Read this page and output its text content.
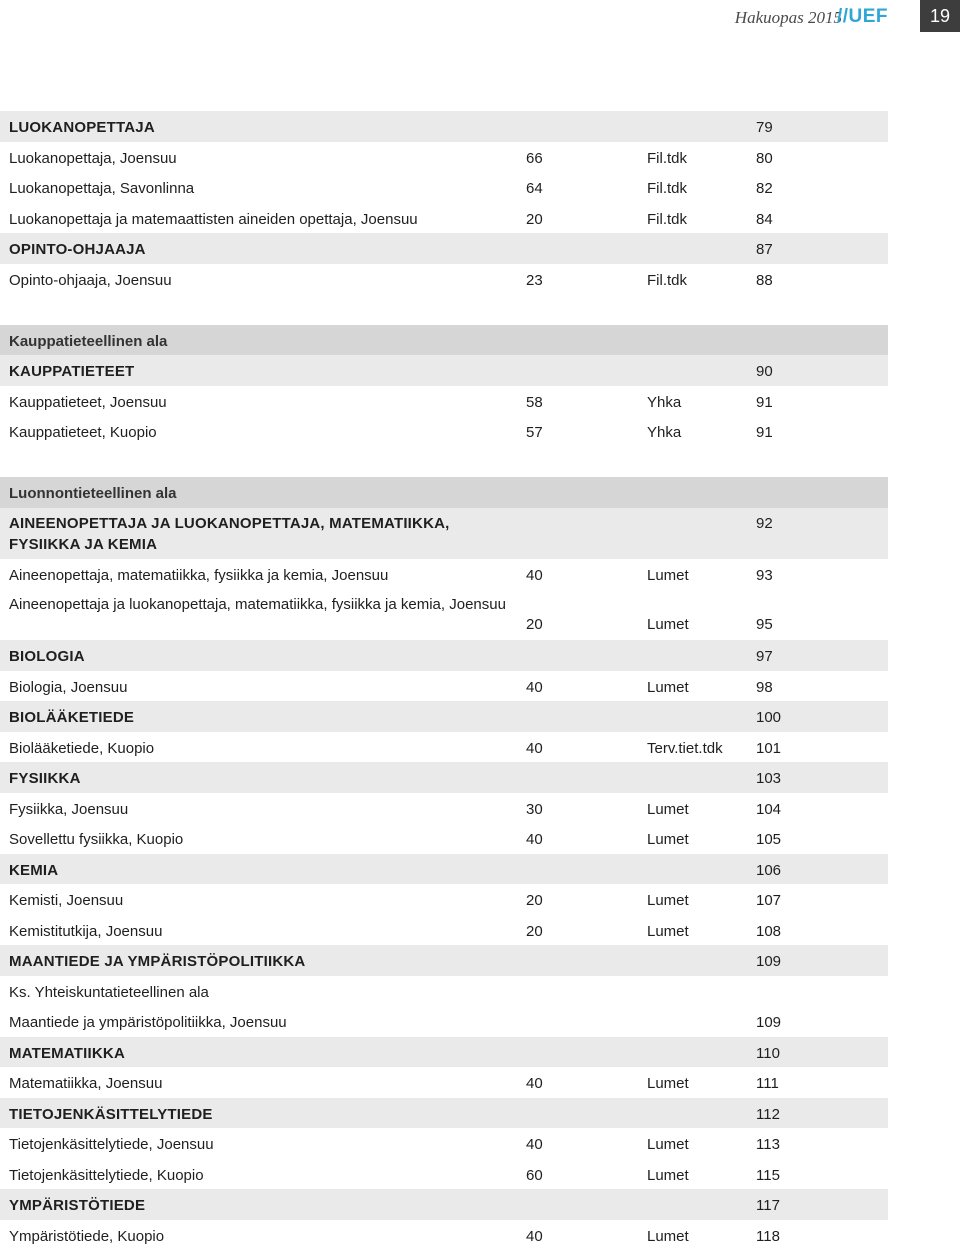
Hakuopas 2015
//UEF	19
LUOKANOPETTAJA	79
Luokanopettaja, Joensuu	66	Fil.tdk	80
Luokanopettaja, Savonlinna	64	Fil.tdk	82
Luokanopettaja ja matemaattisten aineiden opettaja, Joensuu	20	Fil.tdk	84
OPINTO-OHJAAJA	87
Opinto-ohjaaja, Joensuu	23	Fil.tdk	88
Kauppatieteellinen ala
KAUPPATIETEET	90
Kauppatieteet, Joensuu	58	Yhka	91
Kauppatieteet, Kuopio	57	Yhka	91
Luonnontieteellinen ala
AINEENOPETTAJA JA LUOKANOPETTAJA, MATEMATIIKKA, FYSIIKKA JA KEMIA
92
Aineenopettaja, matematiikka, fysiikka ja kemia, Joensuu	40	Lumet	93
Aineenopettaja ja luokanopettaja, matematiikka, fysiikka ja kemia, Joensuu
20	Lumet	95
BIOLOGIA	97
Biologia, Joensuu	40	Lumet	98
BIOLÄÄKETIEDE	100
Biolääketiede, Kuopio	40	Terv.tiet.tdk 101
FYSIIKKA	103
Fysiikka, Joensuu	30	Lumet	104
Sovellettu fysiikka, Kuopio	40	Lumet	105
KEMIA	106
Kemisti, Joensuu	20	Lumet	107
Kemistitutkija, Joensuu	20	Lumet	108
MAANTIEDE JA YMPÄRISTÖPOLITIIKKA	109
Ks. Yhteiskuntatieteellinen ala
Maantiede ja ympäristöpolitiikka, Joensuu	109
MATEMATIIKKA	110
Matematiikka, Joensuu	40	Lumet	111
TIETOJENKÄSITTELYTIEDE	112
Tietojenkäsittelytiede, Joensuu	40	Lumet	113
Tietojenkäsittelytiede, Kuopio	60	Lumet	115
YMPÄRISTÖTIEDE	117
Ympäristötiede, Kuopio	40	Lumet	118
